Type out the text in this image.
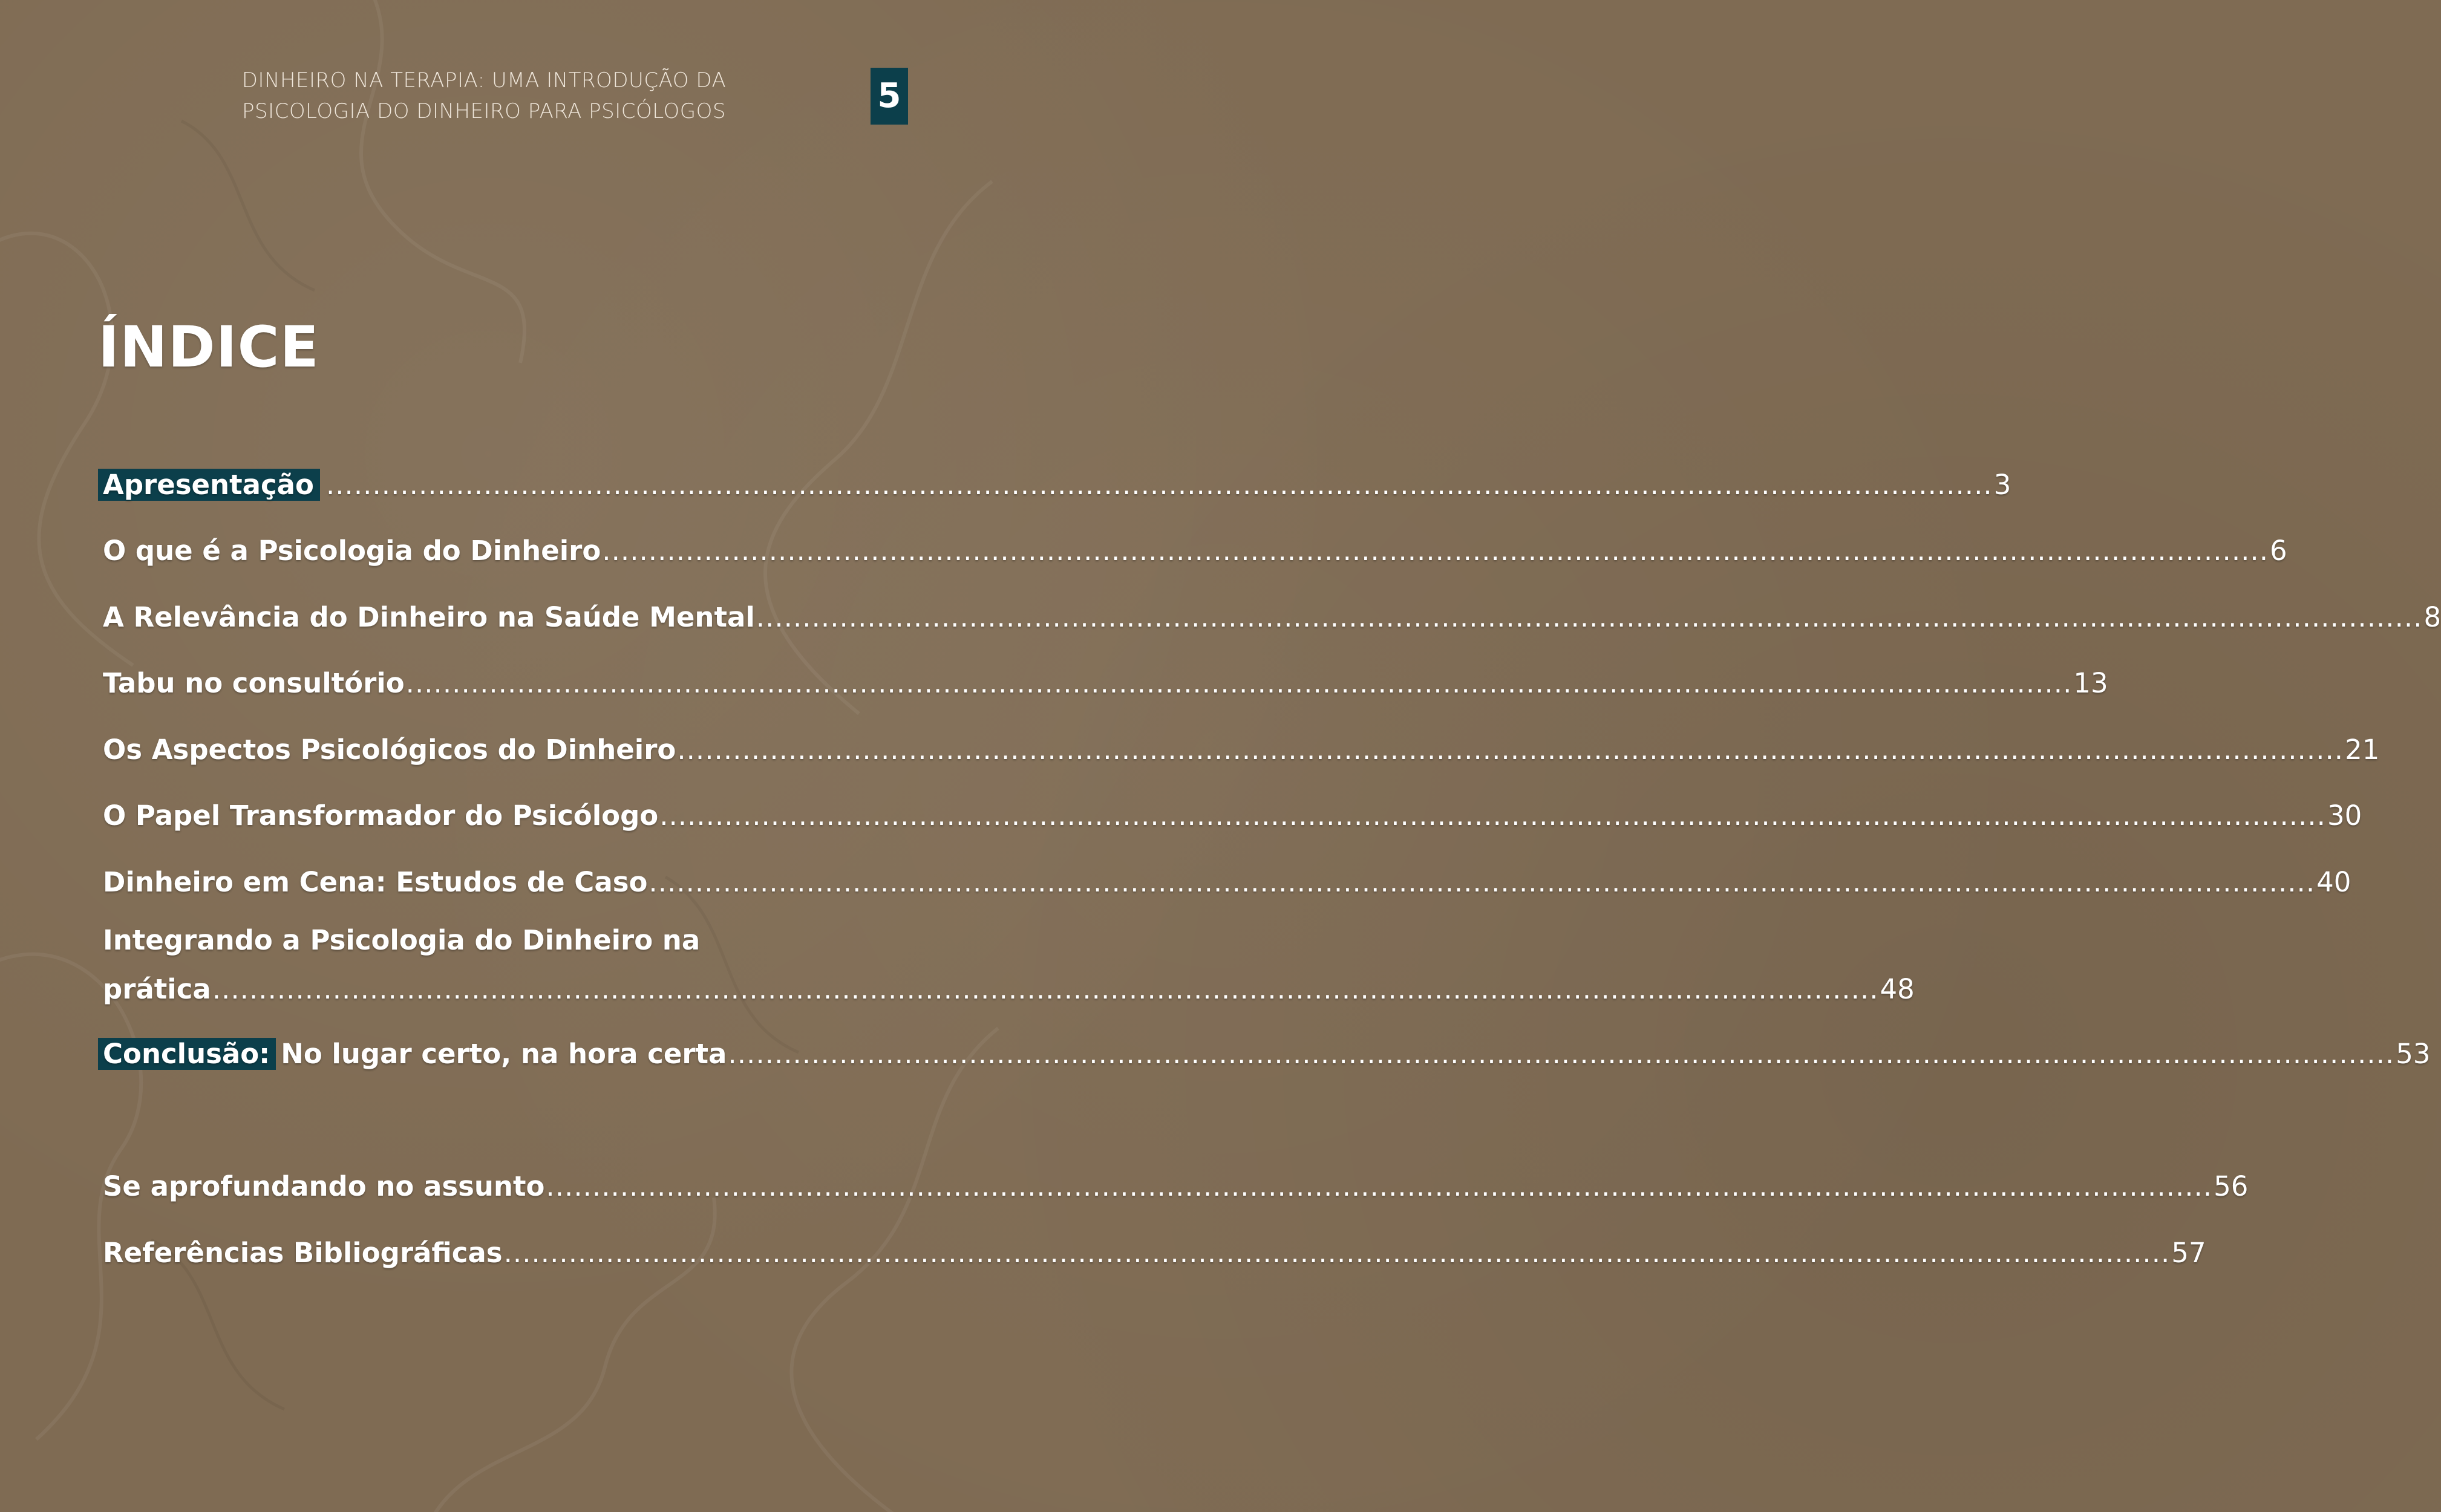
DINHEIRO NA TERAPIA: UMA INTRODUÇÃO DA
PSICOLOGIA DO DINHEIRO PARA PSICÓLOGOS	5
ÍNDICE
Apresentação .................................................................................................................................................................................... 3
O que é a Psicologia do Dinheiro .................................................................................................................................................................................... 6
A Relevância do Dinheiro na Saúde Mental .................................................................................................................................................................................... 8
Tabu no consultório .................................................................................................................................................................................... 13
Os Aspectos Psicológicos do Dinheiro .................................................................................................................................................................................... 21
O Papel Transformador do Psicólogo .................................................................................................................................................................................... 30
Dinheiro em Cena: Estudos de Caso .................................................................................................................................................................................... 40
Integrando a Psicologia do Dinheiro na
prática .................................................................................................................................................................................... 48
Conclusão: No lugar certo, na hora certa .................................................................................................................................................................................... 53
Se aprofundando no assunto .................................................................................................................................................................................... 56
Referências Bibliográficas .................................................................................................................................................................................... 57
